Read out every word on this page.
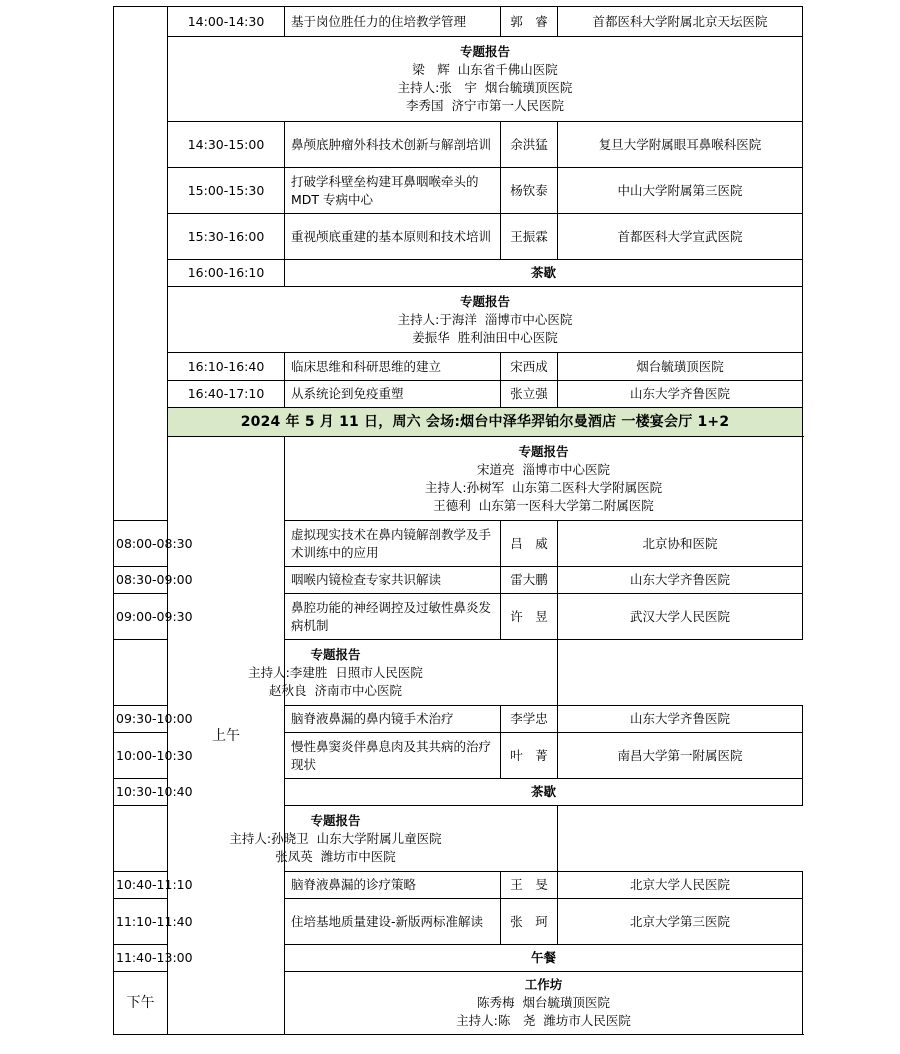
	14:00-14:30	基于岗位胜任力的住培教学管理	郭　睿	首都医科大学附属北京天坛医院

	专题报告
梁　辉  山东省千佛山医院
主持人:张　宇  烟台毓璜顶医院
李秀国  济宁市第一人民医院			

	14:30-15:00	鼻颅底肿瘤外科技术创新与解剖培训	余洪猛	复旦大学附属眼耳鼻喉科医院
	15:00-15:30	打破学科壁垒构建耳鼻咽喉牵头的 MDT 专病中心	杨钦泰	中山大学附属第三医院
	15:30-16:00	重视颅底重建的基本原则和技术培训	王振霖	首都医科大学宣武医院
	16:00-16:10	茶歇		

	专题报告
主持人:于海洋  淄博市中心医院
姜振华  胜利油田中心医院			

	16:10-16:40	临床思维和科研思维的建立	宋西成	烟台毓璜顶医院
	16:40-17:10	从系统论到免疫重塑	张立强	山东大学齐鲁医院
	2024 年 5 月 11 日，周六 会场:烟台中泽华羿铂尔曼酒店 一楼宴会厅 1+2			
	上午	专题报告
宋道亮  淄博市中心医院
主持人:孙树军  山东第二医科大学附属医院
王德利  山东第一医科大学第二附属医院		

08:00-08:30		虚拟现实技术在鼻内镜解剖教学及手术训练中的应用	吕　威	北京协和医院
08:30-09:00		咽喉内镜检查专家共识解读	雷大鹏	山东大学齐鲁医院
09:00-09:30		鼻腔功能的神经调控及过敏性鼻炎发病机制	许　昱	武汉大学人民医院

专题报告
主持人:李建胜  日照市人民医院
赵秋良  济南市中心医院				

09:30-10:00		脑脊液鼻漏的鼻内镜手术治疗	李学忠	山东大学齐鲁医院
10:00-10:30		慢性鼻窦炎伴鼻息肉及其共病的治疗现状	叶　菁	南昌大学第一附属医院
10:30-10:40		茶歇		

专题报告
主持人:孙晓卫  山东大学附属儿童医院
张凤英  潍坊市中医院				

10:40-11:10		脑脊液鼻漏的诊疗策略	王　旻	北京大学人民医院
11:10-11:40		住培基地质量建设-新版两标准解读	张　珂	北京大学第三医院
11:40-13:00		午餐		
下午		工作坊
陈秀梅  烟台毓璜顶医院
主持人:陈　尧  潍坊市人民医院		
